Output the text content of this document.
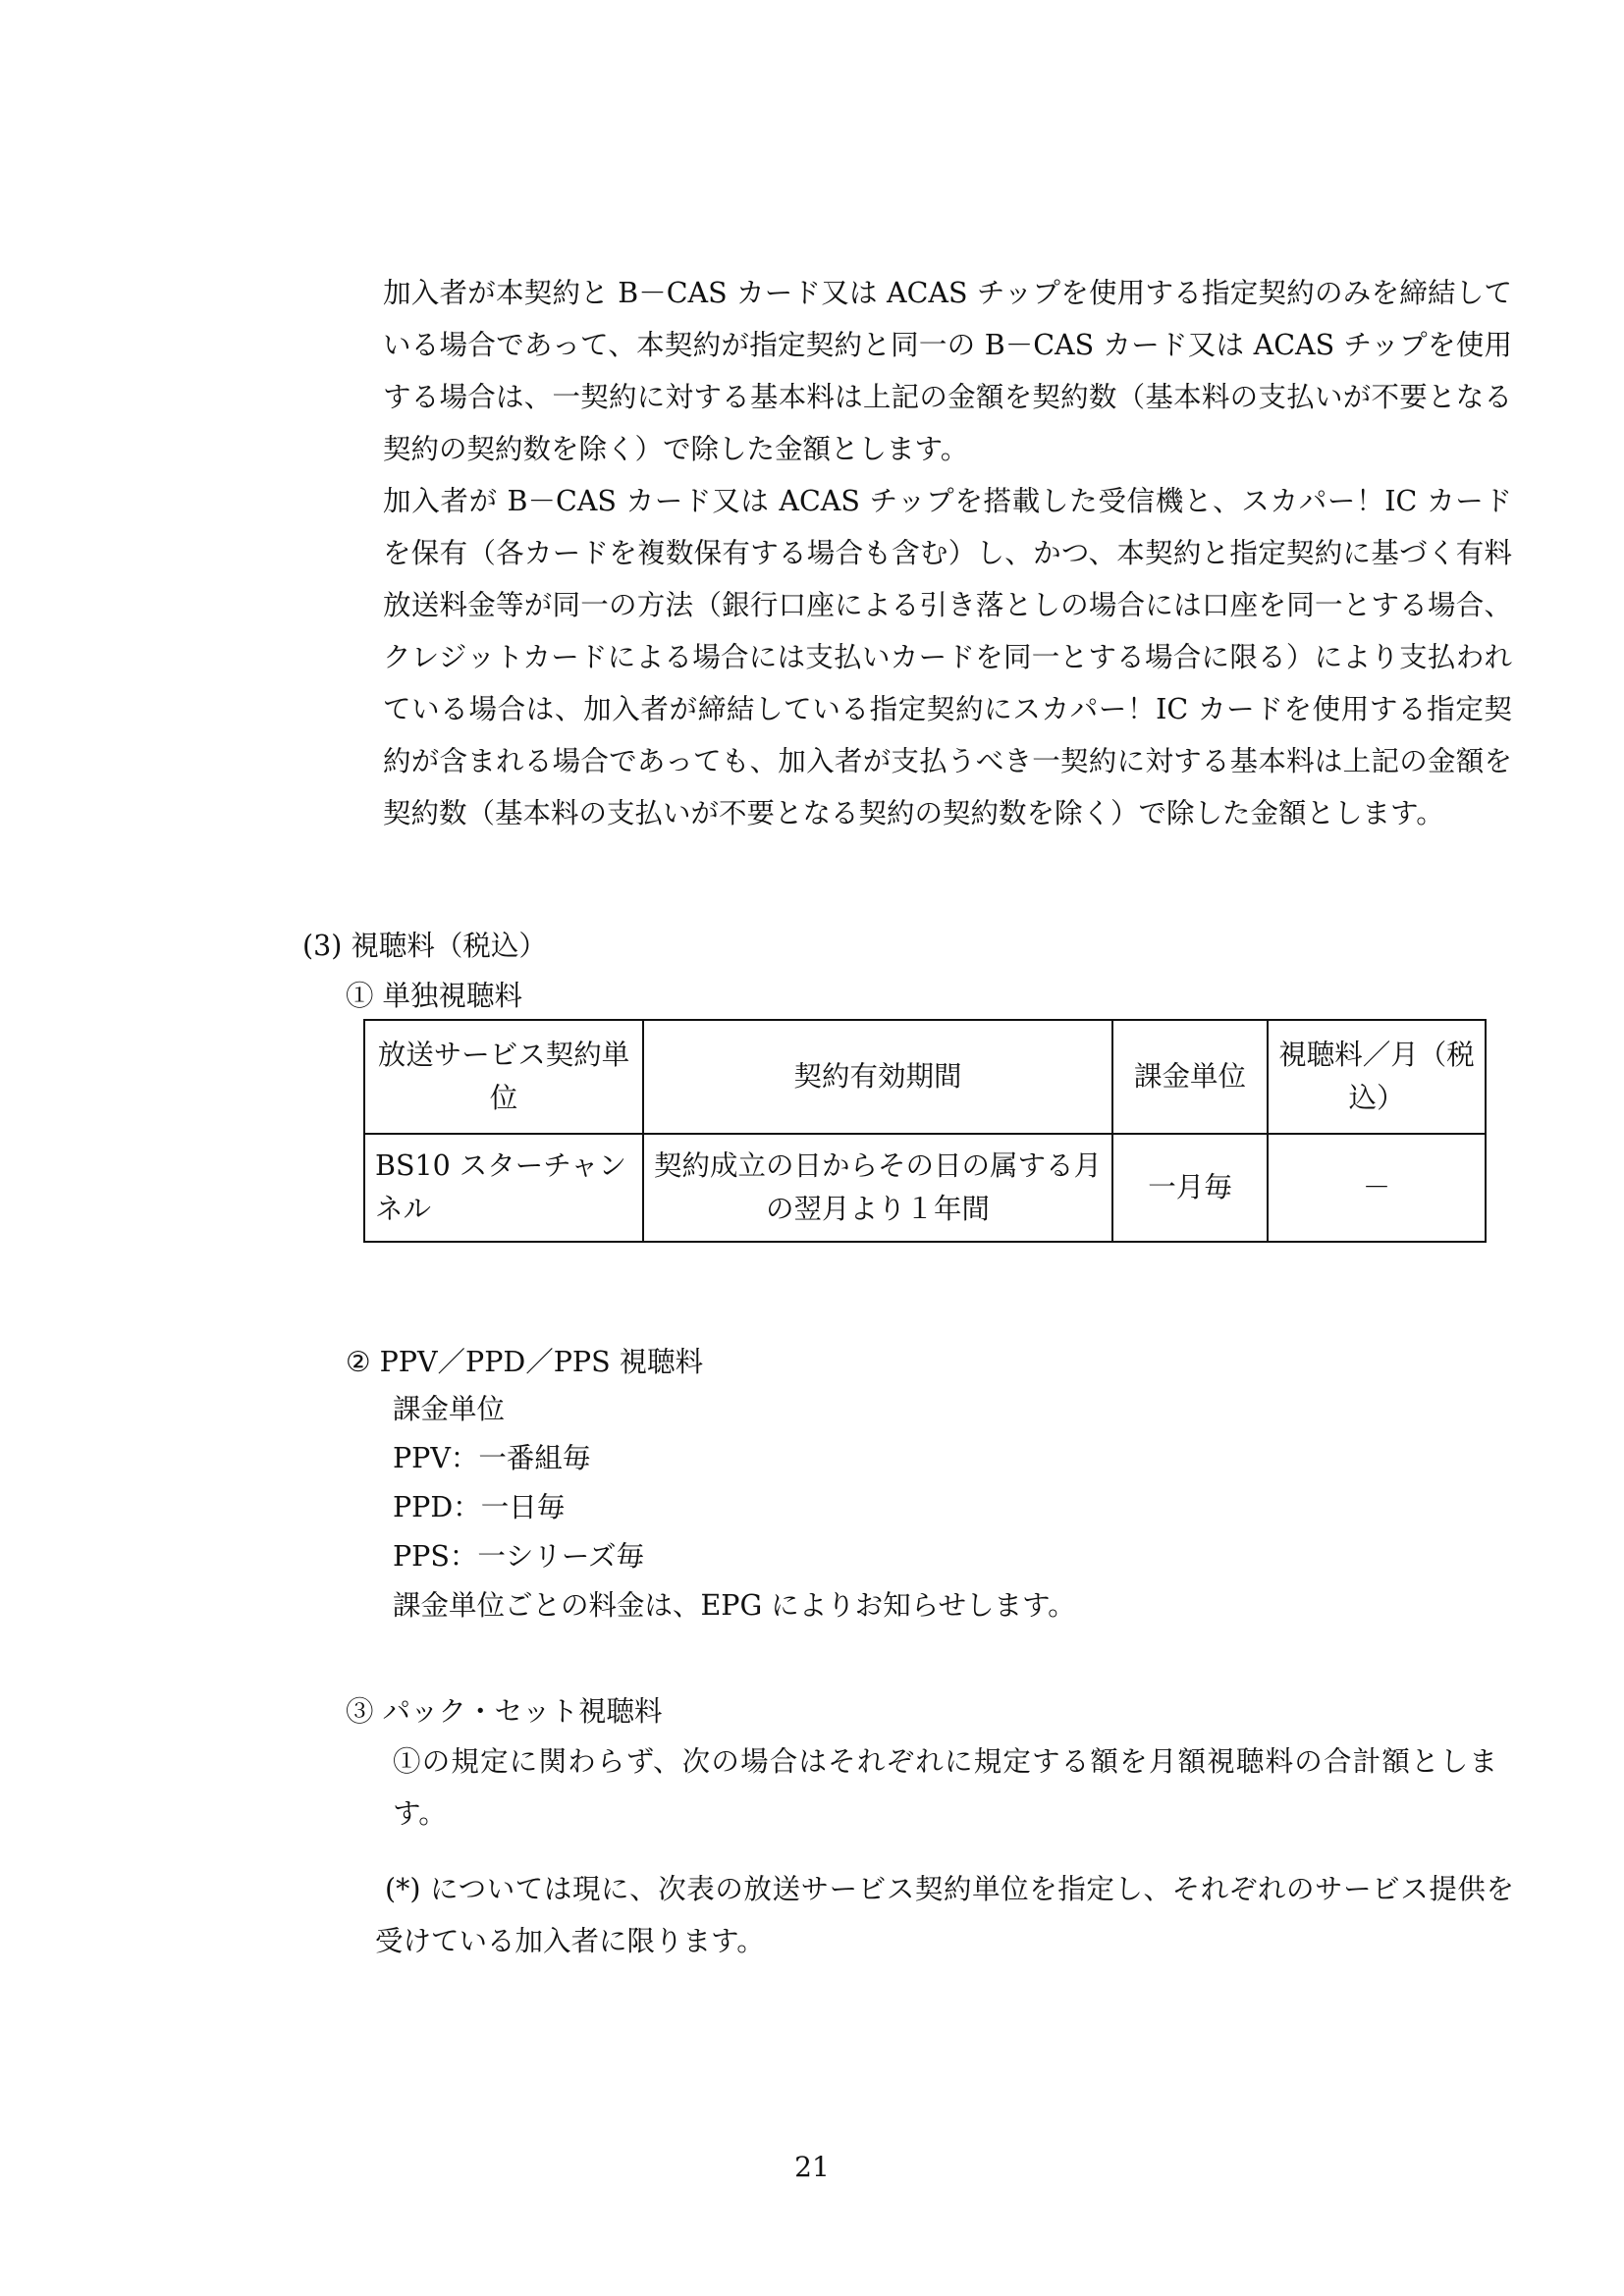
加入者が本契約と B－CAS カード又は ACAS チップを使用する指定契約のみを締結している場合であって、本契約が指定契約と同一の B－CAS カード又は ACAS チップを使用する場合は、一契約に対する基本料は上記の金額を契約数（基本料の支払いが不要となる契約の契約数を除く）で除した金額とします。

加入者が B－CAS カード又は ACAS チップを搭載した受信機と、スカパー！IC カードを保有（各カードを複数保有する場合も含む）し、かつ、本契約と指定契約に基づく有料放送料金等が同一の方法（銀行口座による引き落としの場合には口座を同一とする場合、クレジットカードによる場合には支払いカードを同一とする場合に限る）により支払われている場合は、加入者が締結している指定契約にスカパー！IC カードを使用する指定契約が含まれる場合であっても、加入者が支払うべき一契約に対する基本料は上記の金額を契約数（基本料の支払いが不要となる契約の契約数を除く）で除した金額とします。

(3) 視聴料（税込）

① 単独視聴料

放送サービス契約単位	契約有効期間	課金単位	視聴料／月（税込）
BS10 スターチャンネル	契約成立の日からその日の属する月の翌月より１年間	一月毎	－

② PPV／PPD／PPS 視聴料

課金単位
PPV：一番組毎
PPD：一日毎
PPS：一シリーズ毎
課金単位ごとの料金は、EPG によりお知らせします。

③ パック・セット視聴料

①の規定に関わらず、次の場合はそれぞれに規定する額を月額視聴料の合計額とします。

(*) については現に、次表の放送サービス契約単位を指定し、それぞれのサービス提供を受けている加入者に限ります。

21
